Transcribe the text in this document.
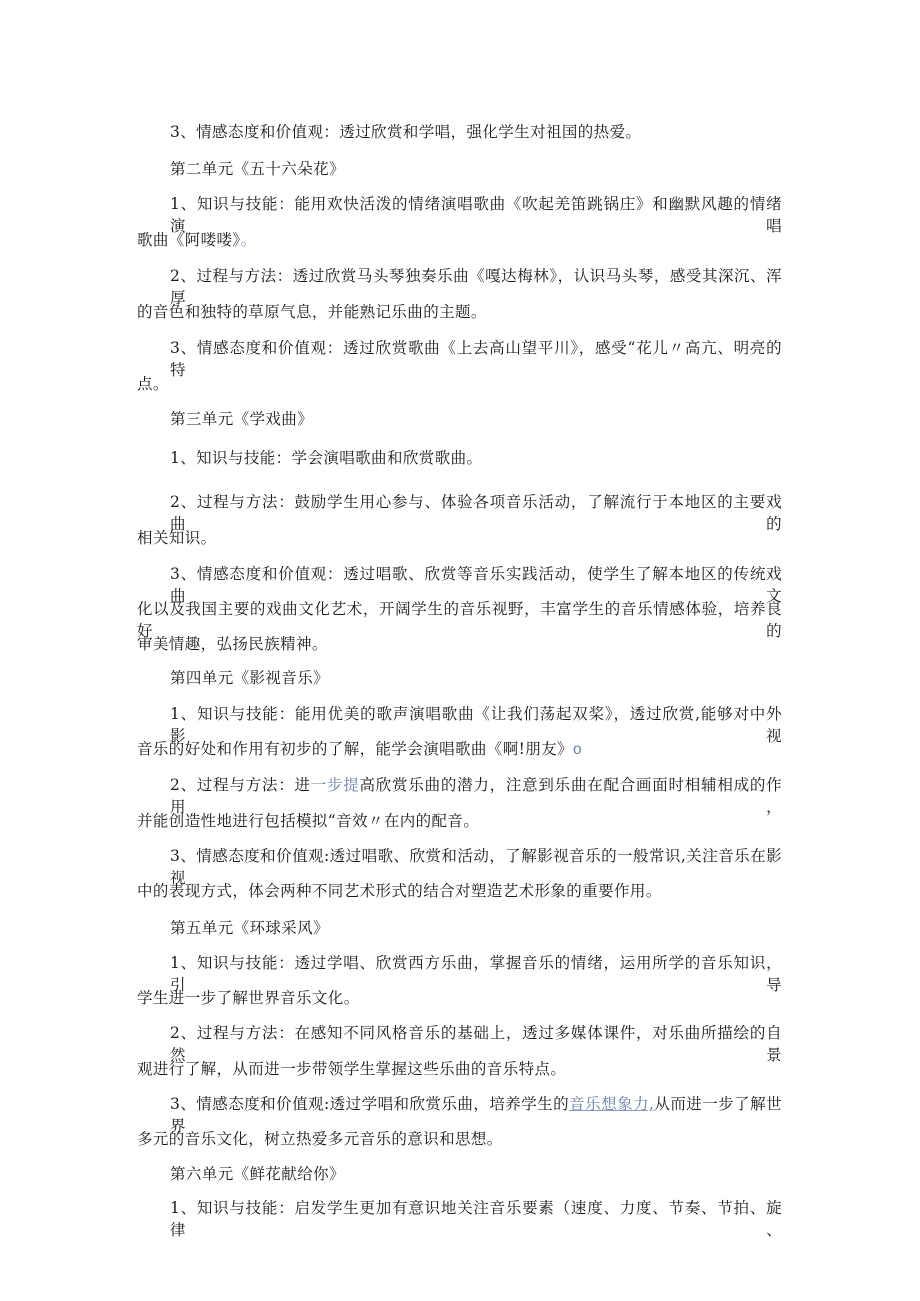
3、情感态度和价值观：透过欣赏和学唱，强化学生对祖国的热爱。
第二单元《五十六朵花》
1、知识与技能：能用欢快活泼的情绪演唱歌曲《吹起羌笛跳锅庄》和幽默风趣的情绪演唱
歌曲《阿喽喽》。
2、过程与方法：透过欣赏马头琴独奏乐曲《嘎达梅林》，认识马头琴，感受其深沉、浑厚
的音色和独特的草原气息，并能熟记乐曲的主题。
3、情感态度和价值观：透过欣赏歌曲《上去高山望平川》，感受“花儿〃高亢、明亮的特
点。
第三单元《学戏曲》
1、知识与技能：学会演唱歌曲和欣赏歌曲。
2、过程与方法：鼓励学生用心参与、体验各项音乐活动，了解流行于本地区的主要戏曲的
相关知识。
3、情感态度和价值观：透过唱歌、欣赏等音乐实践活动，使学生了解本地区的传统戏曲文
化以及我国主要的戏曲文化艺术，开阔学生的音乐视野，丰富学生的音乐情感体验，培养良好的
审美情趣，弘扬民族精神。
第四单元《影视音乐》
1、知识与技能：能用优美的歌声演唱歌曲《让我们荡起双桨》，透过欣赏,能够对中外影视
音乐的好处和作用有初步的了解，能学会演唱歌曲《啊!朋友》o
2、过程与方法：进一步提高欣赏乐曲的潜力，注意到乐曲在配合画面时相辅相成的作用，
并能创造性地进行包括模拟“音效〃在内的配音。
3、情感态度和价值观:透过唱歌、欣赏和活动，了解影视音乐的一般常识,关注音乐在影视
中的表现方式，体会两种不同艺术形式的结合对塑造艺术形象的重要作用。
第五单元《环球采风》
1、知识与技能：透过学唱、欣赏西方乐曲，掌握音乐的情绪，运用所学的音乐知识，引导
学生进一步了解世界音乐文化。
2、过程与方法：在感知不同风格音乐的基础上，透过多媒体课件，对乐曲所描绘的自然景
观进行了解，从而进一步带领学生掌握这些乐曲的音乐特点。
3、情感态度和价值观:透过学唱和欣赏乐曲，培养学生的音乐想象力,从而进一步了解世界
多元的音乐文化，树立热爱多元音乐的意识和思想。
第六单元《鲜花献给你》
1、知识与技能：启发学生更加有意识地关注音乐要素（速度、力度、节奏、节拍、旋律、
